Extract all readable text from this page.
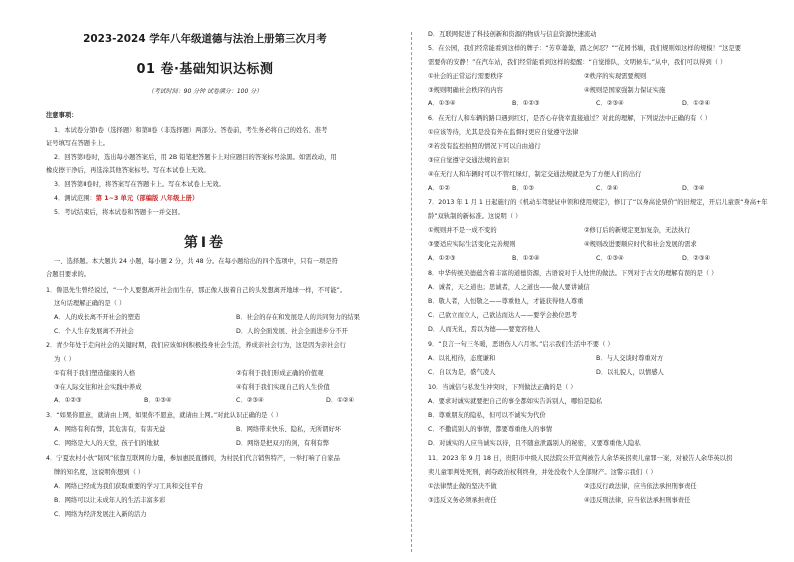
2023-2024 学年八年级道德与法治上册第三次月考
01 卷·基础知识达标测
（考试时间：90 分钟 试卷满分：100 分）
注意事项：
1．本试卷分第Ⅰ卷（选择题）和第Ⅱ卷（非选择题）两部分。答卷前，考生务必将自己的姓名、准考
证号填写在答题卡上。
2．回答第Ⅰ卷时，选出每小题答案后，用 2B 铅笔把答题卡上对应题目的答案标号涂黑。如需改动，用
橡皮擦干净后，再选涂其他答案标号。写在本试卷上无效。
3．回答第Ⅱ卷时，将答案写在答题卡上。写在本试卷上无效。
4．测试范围：第 1~3 单元（部编版 八年级上册）
5．考试结束后，将本试卷和答题卡一并交回。
第Ⅰ卷
一、选择题。本大题共 24 小题，每小题 2 分，共 48 分。在每小题给出的四个选项中，只有一项是符
合题目要求的。
1．鲁迅先生曾经说过，“一个人要想离开社会而生存，那正像人拔着自己的头发想离开地球一样，不可能”。
这句话理解正确的是（ ）
A．人的成长离不开社会的塑造	B．社会的存在和发展是人的共同努力的结果
C．个人生存发展离不开社会	D．人的全面发展、社会全面进步分不开
2．青少年处于走向社会的关键时期，我们应该如何积极投身社会生活，养成亲社会行为，这是因为亲社会行
为（ ）
①有利于我们塑造健康的人格	②有利于我们形成正确的价值观
③在人际交往和社会实践中养成	④有利于我们实现自己的人生价值
A．①②③	B．①③④	C．②③④	D．①②④
3．“如果你愿意，就请由上网，如果你不愿意，就请由上网。”对此认识正确的是（ ）
A．网络有利有弊，其危害有，有害无益	B．网络带来快乐、隐私，无所谓好坏
C．网络是大人的天堂，孩子们的地狱	D．网络是把双刃的剑，有利有弊
4．宁夏农村小伙“韧风”依靠互联网的力量，参加惠民直播间，为村民们代言销售特产，一举打响了自家品
牌的知名度，这说明你想到（ ）
A．网络已经成为我们获取重要的学习工具和交往平台
B．网络可以让未成年人的生活丰富多彩
C．网络为经济发展注入新的活力
D．互联网促进了科技创新和资源的物质与信息资源快速流动
5．在公园，我们经常能看到这样的牌子：“芳草萋萋，踏之何忍？”“花园书墙，我们规则如这样的规模！”这是要
需要你的安静！”在汽车站，我们经常能看到这样的提醒：“自觉排队，文明候车。”从中，我们可以得到（ ）
①社会的正常运行需要秩序	②秩序的实现需要规则
③规则明确社会秩序的内容	④规则是国家强制力保证实施
A．①③④	B．①②③	C．②③④	D．①②④
6．在无行人和车辆的路口遇到红灯，是否心存侥幸直接通过？对此的理解，下列说法中正确的有（ ）
①应该等待，尤其是没有外在监督时更应自觉遵守法律
②若没有监控拍照的情况下可以自由通行
③应自觉遵守交通法规的意识
④在无行人和车辆时可以不管红绿灯，制定交通法规就是为了方便人们的出行
A．①②	B．①③	C．②④	D．③④
7．2013 年 1 月 1 日起施行的《机动车驾驶证申领和使用规定》，修订了“以身高论票价”的旧规定，开启儿童票“身高+年
龄”双轨制的新标准。这说明（ ）
①规则并不是一成不变的	②修订后的新规定更加复杂，无法执行
③要适应实际生活变化完善规则	④规则改进要顺应时代和社会发展的需求
A．①②③	B．①②④	C．①③④	D．②③④
8．中华传统美德蕴含着丰富的道德资源，古语说对于人处世的做法。下列对于古文的理解有误的是（ ）
A．诚者，天之道也；思诚者，人之道也——做人要讲诚信
B．敬人者，人恒敬之——尊重他人，才能获得他人尊重
C．己欲立而立人，己欲达而达人——要学会换位思考
D．人而无礼，焉以为德——要宽容他人
9．“良言一句三冬暖，恶语伤人六月寒。”启示我们生活中不要（ ）
A．以礼相待，态度谦和	B．与人交谈时尊重对方
C．自以为是，盛气凌人	D．以礼貌人，以情感人
10．当诚信与私发生冲突时，下列做法正确的是（ ）
A．要求对诚实就要把自己的事全都如实告诉别人，哪怕是隐私
B．尊重朋友的隐私，但可以不诚实为代价
C．不撒谎别人的事情，都要尊重他人的事情
D．对诚实的人应当诚实以待，且不随意泄露别人的秘密，又要尊重他人隐私
11．2023 年 9 月 18 日，贵阳市中级人民法院公开宣判被告人余华英拐卖儿童罪一案，对被告人余华英以拐
卖儿童罪判处死刑，剥夺政治权利终身，并处没收个人全部财产。这警示我们（ ）
①法律禁止做的坚决不做	②违反行政法律，应当依法承担刑事责任
③违反义务必须承担责任	④违反刑法律，应当依法承担刑事责任
